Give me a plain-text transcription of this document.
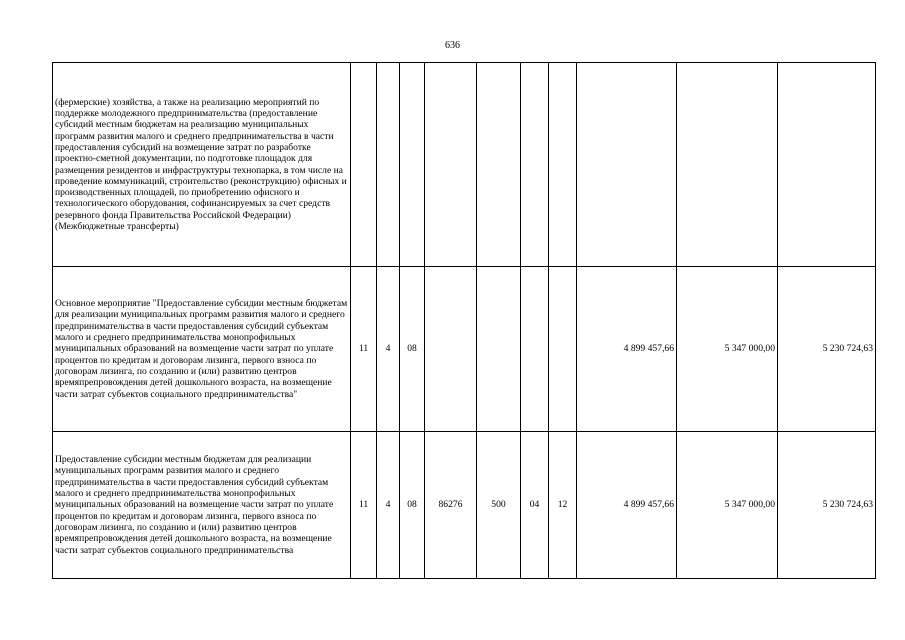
636
(фермерские) хозяйства, а также на реализацию мероприятий по поддержке молодежного предпринимательства (предоставление субсидий местным бюджетам на реализацию муниципальных программ развития малого и среднего предпринимательства в части предоставления субсидий на возмещение затрат по разработке проектно-сметной документации, по подготовке площадок для размещения резидентов и инфраструктуры технопарка, в том числе на проведение коммуникаций, строительство (реконструкцию) офисных и производственных площадей, по приобретению офисного и технологического оборудования, софинансируемых за счет средств резервного фонда Правительства Российской Федерации) (Межбюджетные трансферты)										
Основное мероприятие "Предоставление субсидии местным бюджетам для реализации муниципальных программ развития малого и среднего предпринимательства в части предоставления субсидий субъектам малого и среднего предпринимательства монопрофильных муниципальных образований на возмещение части затрат по уплате процентов по кредитам и договорам лизинга, первого взноса по договорам лизинга, по созданию и (или) развитию центров времяпрепровождения детей дошкольного возраста, на возмещение части затрат субъектов социального предпринимательства"	11	4	08					4 899 457,66	5 347 000,00	5 230 724,63
Предоставление субсидии местным бюджетам для реализации муниципальных программ развития малого и среднего предпринимательства в части предоставления субсидий субъектам малого и среднего предпринимательства монопрофильных муниципальных образований на возмещение части затрат по уплате процентов по кредитам и договорам лизинга, первого взноса по договорам лизинга, по созданию и (или) развитию центров времяпрепровождения детей дошкольного возраста, на возмещение части затрат субъектов социального предпринимательства	11	4	08	86276	500	04	12	4 899 457,66	5 347 000,00	5 230 724,63
